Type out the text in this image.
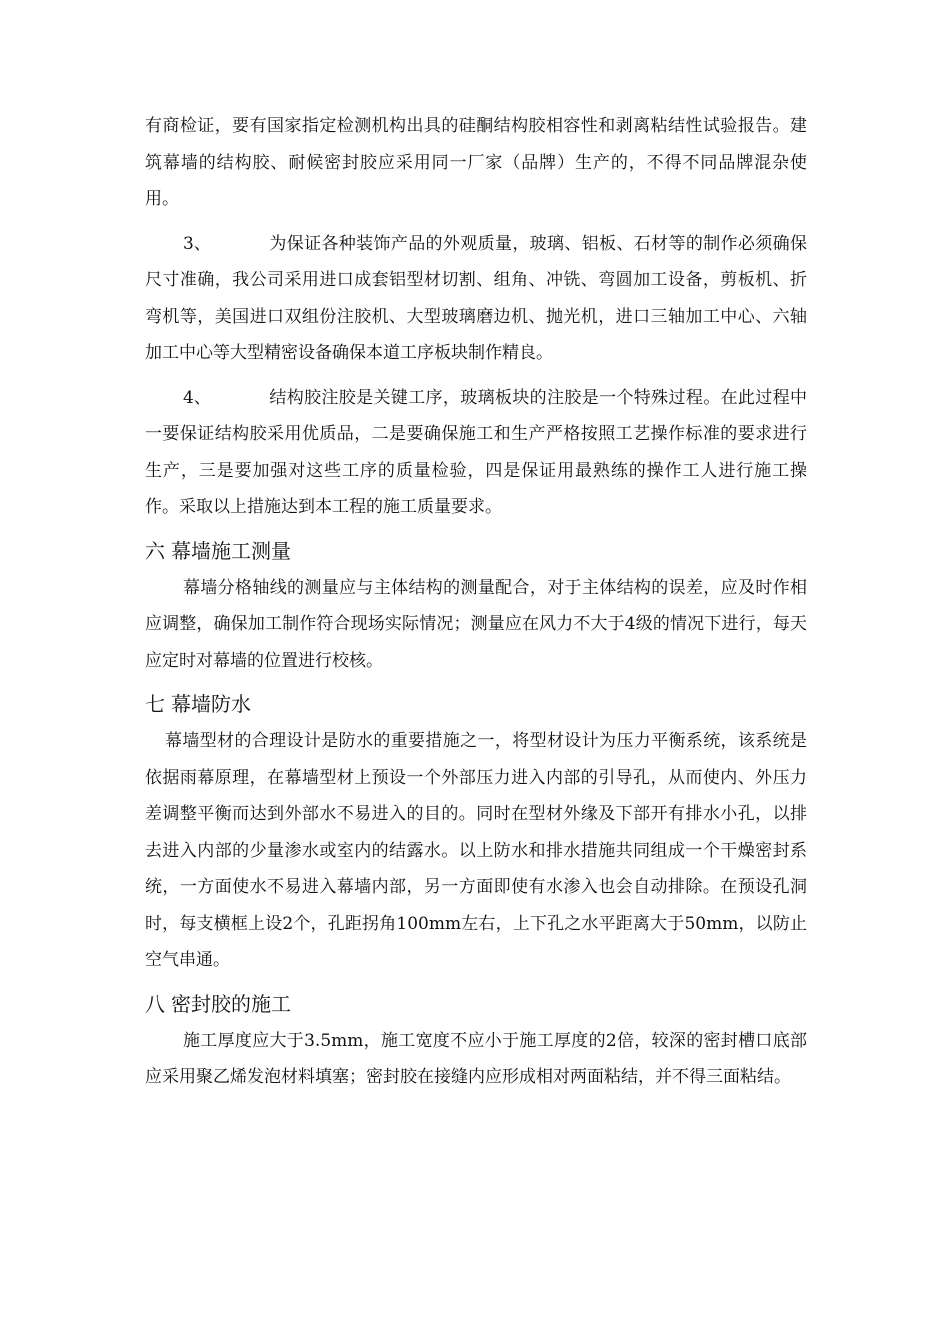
有商检证，要有国家指定检测机构出具的硅酮结构胶相容性和剥离粘结性试验报告。建筑幕墙的结构胶、耐候密封胶应采用同一厂家（品牌）生产的，不得不同品牌混杂使用。

3、	为保证各种装饰产品的外观质量，玻璃、铝板、石材等的制作必须确保尺寸准确，我公司采用进口成套铝型材切割、组角、冲铣、弯圆加工设备，剪板机、折弯机等，美国进口双组份注胶机、大型玻璃磨边机、抛光机，进口三轴加工中心、六轴加工中心等大型精密设备确保本道工序板块制作精良。

4、	结构胶注胶是关键工序，玻璃板块的注胶是一个特殊过程。在此过程中一要保证结构胶采用优质品，二是要确保施工和生产严格按照工艺操作标准的要求进行生产，三是要加强对这些工序的质量检验，四是保证用最熟练的操作工人进行施工操作。采取以上措施达到本工程的施工质量要求。

六 幕墙施工测量

幕墙分格轴线的测量应与主体结构的测量配合，对于主体结构的误差，应及时作相应调整，确保加工制作符合现场实际情况；测量应在风力不大于4级的情况下进行，每天应定时对幕墙的位置进行校核。

七 幕墙防水

幕墙型材的合理设计是防水的重要措施之一，将型材设计为压力平衡系统，该系统是依据雨幕原理，在幕墙型材上预设一个外部压力进入内部的引导孔，从而使内、外压力差调整平衡而达到外部水不易进入的目的。同时在型材外缘及下部开有排水小孔，以排去进入内部的少量渗水或室内的结露水。以上防水和排水措施共同组成一个干燥密封系统，一方面使水不易进入幕墙内部，另一方面即使有水渗入也会自动排除。在预设孔洞时，每支横框上设2个，孔距拐角100mm左右，上下孔之水平距离大于50mm，以防止空气串通。

八 密封胶的施工

施工厚度应大于3.5mm，施工宽度不应小于施工厚度的2倍，较深的密封槽口底部应采用聚乙烯发泡材料填塞；密封胶在接缝内应形成相对两面粘结，并不得三面粘结。
